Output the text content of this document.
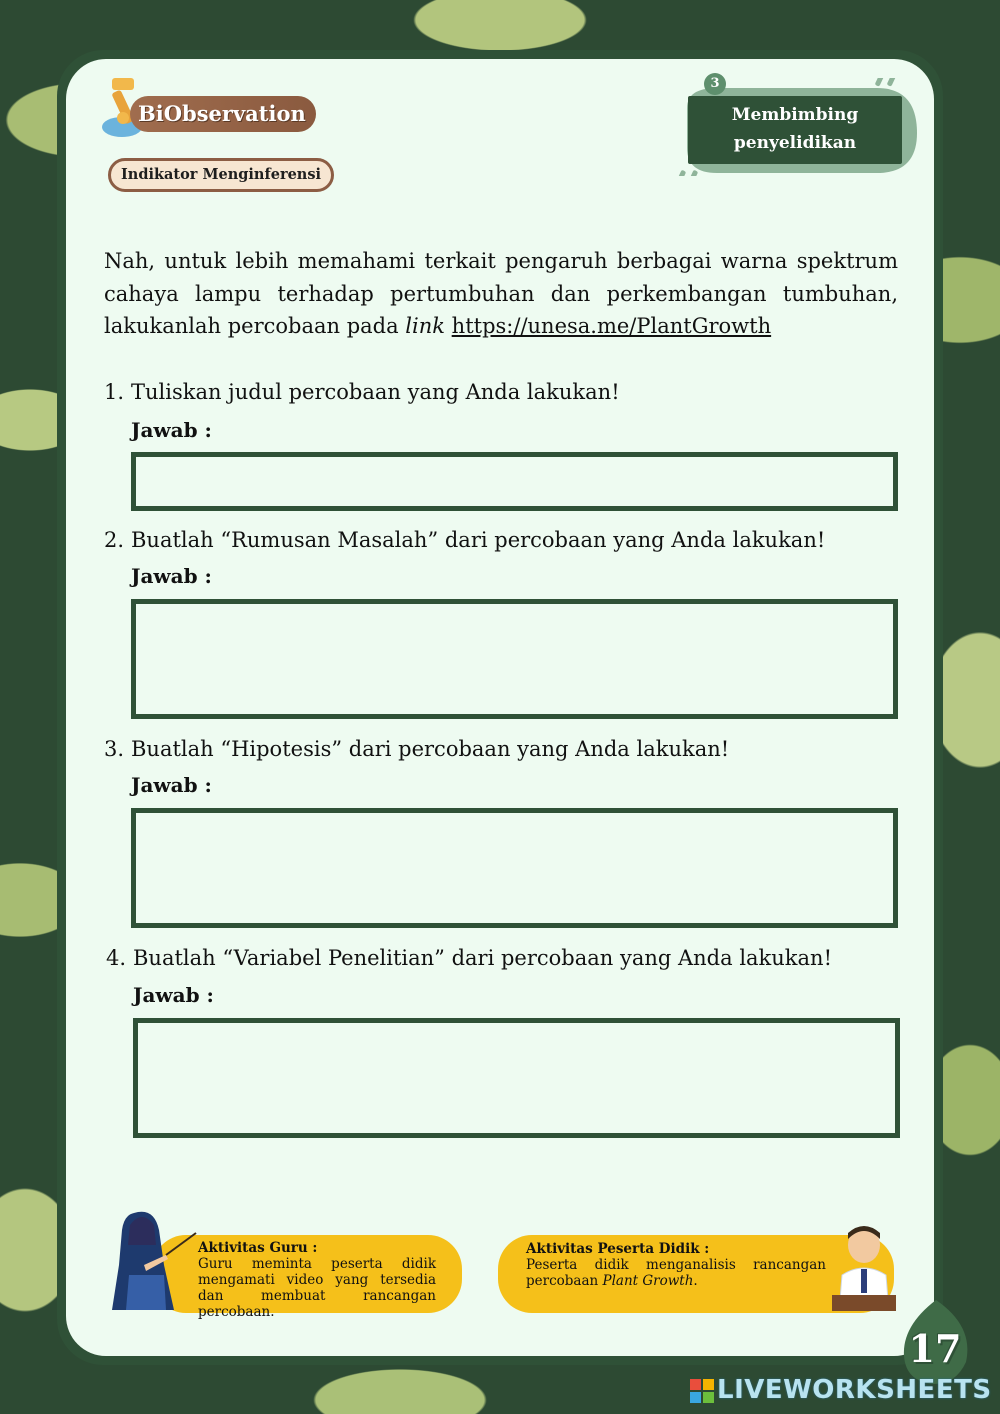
BiObservation
Indikator Menginferensi
3
Membimbing
penyelidikan

Nah, untuk lebih memahami terkait pengaruh berbagai warna spektrum cahaya lampu terhadap pertumbuhan dan perkembangan tumbuhan, lakukanlah percobaan pada link https://unesa.me/PlantGrowth

1. Tuliskan judul percobaan yang Anda lakukan!
Jawab :
2. Buatlah “Rumusan Masalah” dari percobaan yang Anda lakukan!
Jawab :
3. Buatlah “Hipotesis” dari percobaan yang Anda lakukan!
Jawab :
4. Buatlah “Variabel Penelitian” dari percobaan yang Anda lakukan!
Jawab :
Aktivitas Guru :
Guru meminta peserta didik mengamati video yang tersedia dan membuat rancangan percobaan.
Aktivitas Peserta Didik :
Peserta didik menganalisis rancangan percobaan Plant Growth.
17
LIVEWORKSHEETS
